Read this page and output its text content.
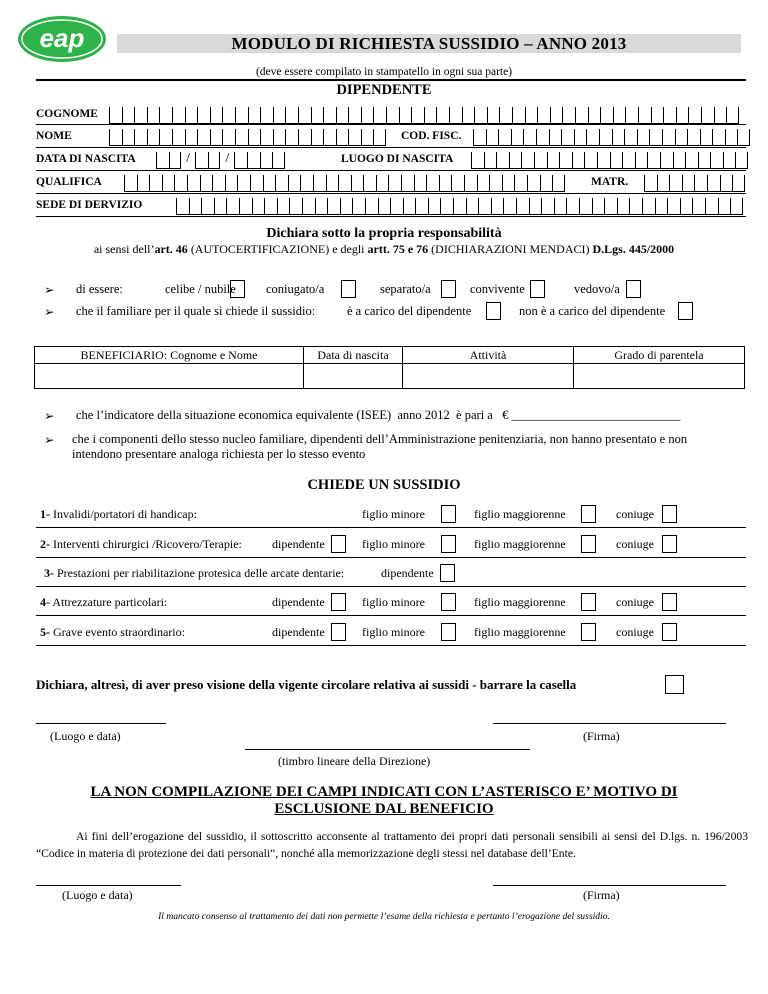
eap	MODULO DI RICHIESTA SUSSIDIO – ANNO 2013
(deve essere compilato in stampatello in ogni sua parte)
DIPENDENTE
COGNOME
NOME	COD. FISC.
DATA DI NASCITA	/	/	LUOGO DI NASCITA
QUALIFICA	MATR.
SEDE DI DERVIZIO
Dichiara sotto la propria responsabilità
ai sensi dell’art. 46 (AUTOCERTIFICAZIONE) e degli artt. 75 e 76 (DICHIARAZIONI MENDACI) D.Lgs. 445/2000
➢ di essere:	celibe / nubile coniugato/a	separato/a	convivente	vedovo/a
➢ che il familiare per il quale si chiede il sussidio:	è a carico del dipendente	non è a carico del dipendente
BENEFICIARIO: Cognome e Nome	Data di nascita	Attività	Grado di parentela

➢ che l’indicatore della situazione economica equivalente (ISEE)  anno 2012  è pari a   € ___________________________
➢ che i componenti dello stesso nucleo familiare, dipendenti dell’Amministrazione penitenziaria, non hanno presentato e non intendono presentare analoga richiesta per lo stesso evento
CHIEDE UN SUSSIDIO
1- Invalidi/portatori di handicap:	figlio minore	figlio maggiorenne	coniuge
2- Interventi chirurgici /Ricovero/Terapie:	dipendente	figlio minore	figlio maggiorenne	coniuge
3- Prestazioni per riabilitazione protesica delle arcate dentarie:	dipendente
4- Attrezzature particolari:	dipendente	figlio minore	figlio maggiorenne	coniuge
5- Grave evento straordinario:	dipendente	figlio minore	figlio maggiorenne	coniuge
Dichiara, altresì, di aver preso visione della vigente circolare relativa ai sussidi - barrare la casella
(Luogo e data)	(Firma)
(timbro lineare della Direzione)
LA NON COMPILAZIONE DEI CAMPI INDICATI CON L’ASTERISCO E’ MOTIVO DI ESCLUSIONE DAL BENEFICIO
Ai fini dell’erogazione del sussidio, il sottoscritto acconsente al trattamento dei propri dati personali sensibili ai sensi del D.lgs. n. 196/2003 “Codice in materia di protezione dei dati personali”, nonché alla memorizzazione degli stessi nel database dell’Ente.
(Luogo e data)	(Firma)
Il mancato consenso al trattamento dei dati non permette l’esame della richiesta e pertanto l’erogazione del sussidio.
